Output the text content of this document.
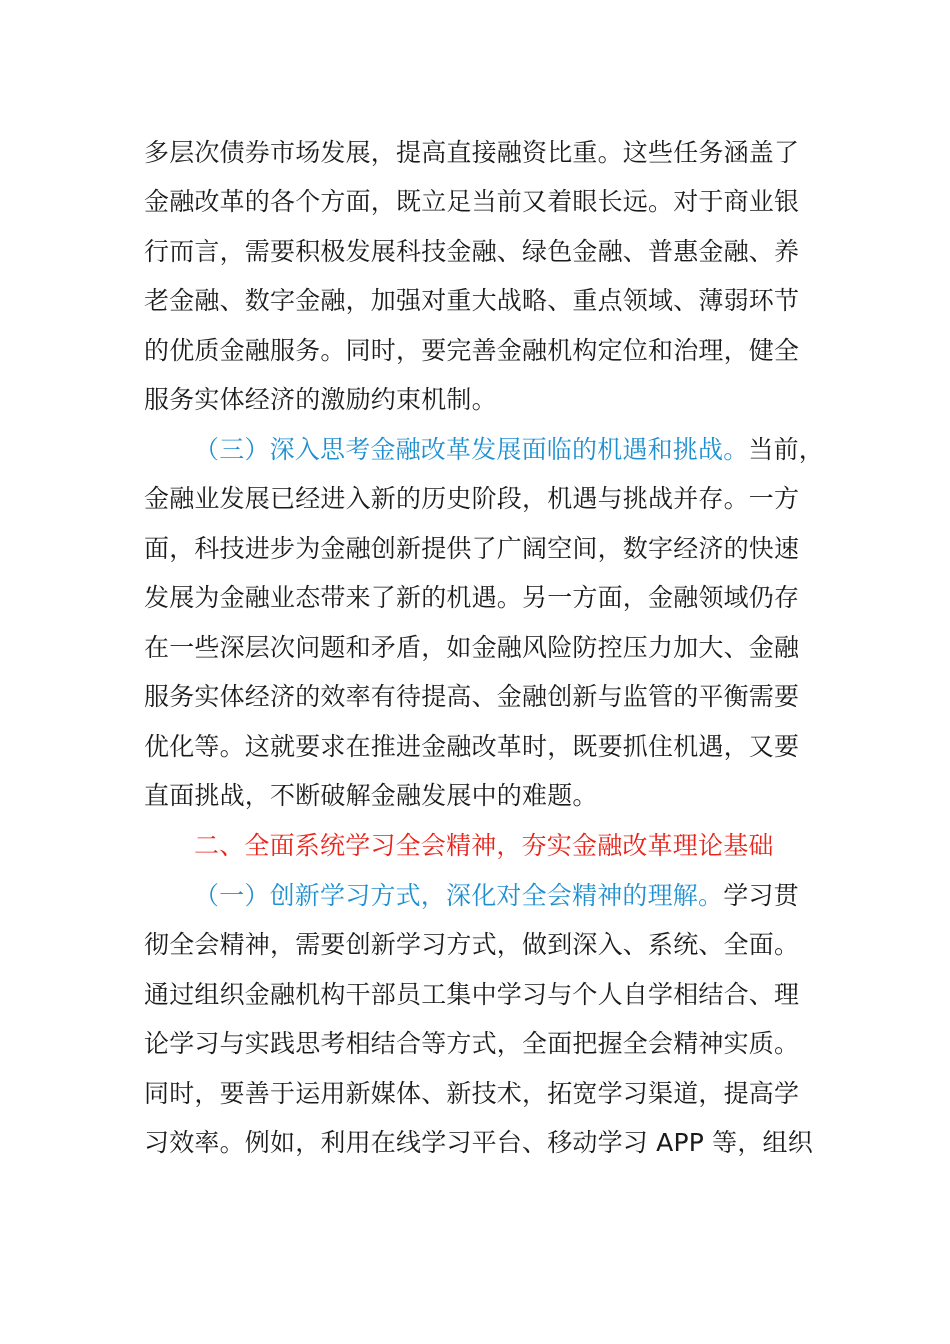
多层次债券市场发展，提高直接融资比重。这些任务涵盖了
金融改革的各个方面，既立足当前又着眼长远。对于商业银
行而言，需要积极发展科技金融、绿色金融、普惠金融、养
老金融、数字金融，加强对重大战略、重点领域、薄弱环节
的优质金融服务。同时，要完善金融机构定位和治理，健全
服务实体经济的激励约束机制。
（三）深入思考金融改革发展面临的机遇和挑战。当前，
金融业发展已经进入新的历史阶段，机遇与挑战并存。一方
面，科技进步为金融创新提供了广阔空间，数字经济的快速
发展为金融业态带来了新的机遇。另一方面，金融领域仍存
在一些深层次问题和矛盾，如金融风险防控压力加大、金融
服务实体经济的效率有待提高、金融创新与监管的平衡需要
优化等。这就要求在推进金融改革时，既要抓住机遇，又要
直面挑战，不断破解金融发展中的难题。
二、全面系统学习全会精神，夯实金融改革理论基础
（一）创新学习方式，深化对全会精神的理解。学习贯
彻全会精神，需要创新学习方式，做到深入、系统、全面。
通过组织金融机构干部员工集中学习与个人自学相结合、理
论学习与实践思考相结合等方式，全面把握全会精神实质。
同时，要善于运用新媒体、新技术，拓宽学习渠道，提高学
习效率。例如，利用在线学习平台、移动学习 APP 等，组织
